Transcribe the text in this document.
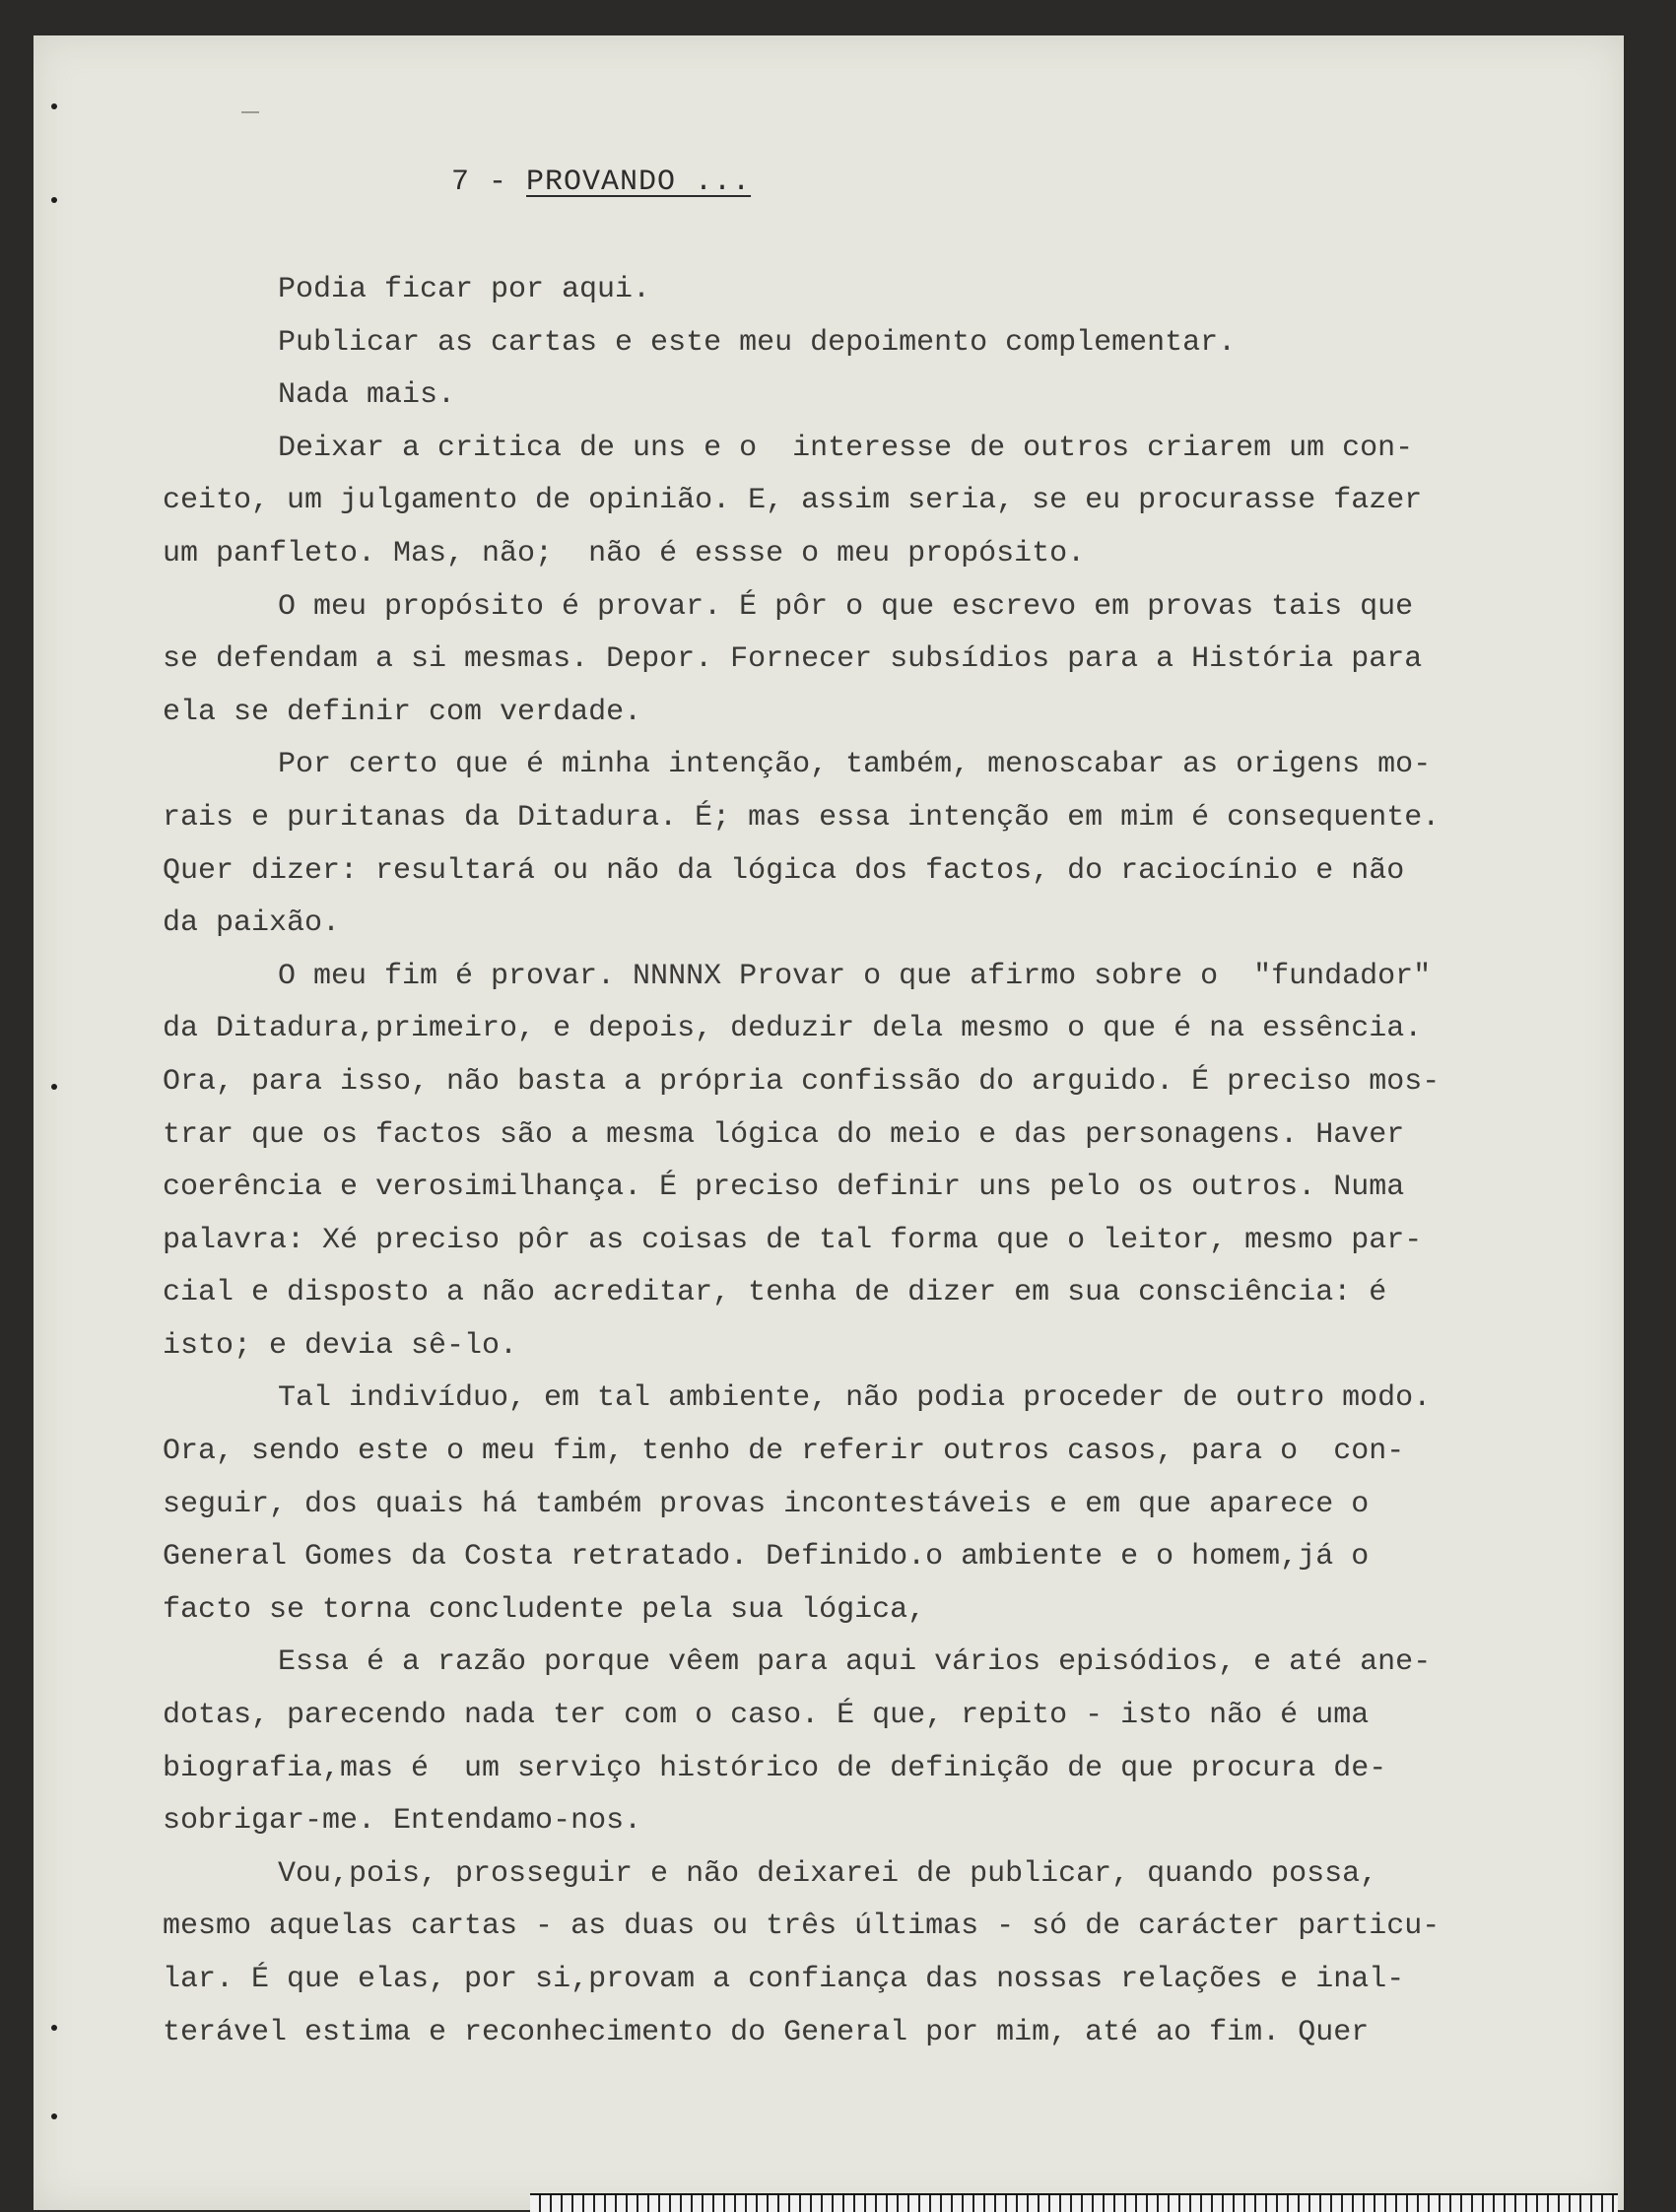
7 - PROVANDO ...
Podia ficar por aqui.
Publicar as cartas e este meu depoimento complementar.
Nada mais.
Deixar a critica de uns e o  interesse de outros criarem um con-
ceito, um julgamento de opinião. E, assim seria, se eu procurasse fazer
um panfleto. Mas, não;  não é essse o meu propósito.
O meu propósito é provar. É pôr o que escrevo em provas tais que
se defendam a si mesmas. Depor. Fornecer subsídios para a História para
ela se definir com verdade.
Por certo que é minha intenção, também, menoscabar as origens mo-
rais e puritanas da Ditadura. É; mas essa intenção em mim é consequente.
Quer dizer: resultará ou não da lógica dos factos, do raciocínio e não
da paixão.
O meu fim é provar. NNNNX Provar o que afirmo sobre o  "fundador"
da Ditadura,primeiro, e depois, deduzir dela mesmo o que é na essência.
Ora, para isso, não basta a própria confissão do arguido. É preciso mos-
trar que os factos são a mesma lógica do meio e das personagens. Haver
coerência e verosimilhança. É preciso definir uns pelo os outros. Numa
palavra: Xé preciso pôr as coisas de tal forma que o leitor, mesmo par-
cial e disposto a não acreditar, tenha de dizer em sua consciência: é
isto; e devia sê-lo.
Tal indivíduo, em tal ambiente, não podia proceder de outro modo.
Ora, sendo este o meu fim, tenho de referir outros casos, para o  con-
seguir, dos quais há também provas incontestáveis e em que aparece o
General Gomes da Costa retratado. Definido.o ambiente e o homem,já o
facto se torna concludente pela sua lógica,
Essa é a razão porque vêem para aqui vários episódios, e até ane-
dotas, parecendo nada ter com o caso. É que, repito - isto não é uma
biografia,mas é  um serviço histórico de definição de que procura de-
sobrigar-me. Entendamo-nos.
Vou,pois, prosseguir e não deixarei de publicar, quando possa,
mesmo aquelas cartas - as duas ou três últimas - só de carácter particu-
lar. É que elas, por si,provam a confiança das nossas relações e inal-
terável estima e reconhecimento do General por mim, até ao fim. Quer
